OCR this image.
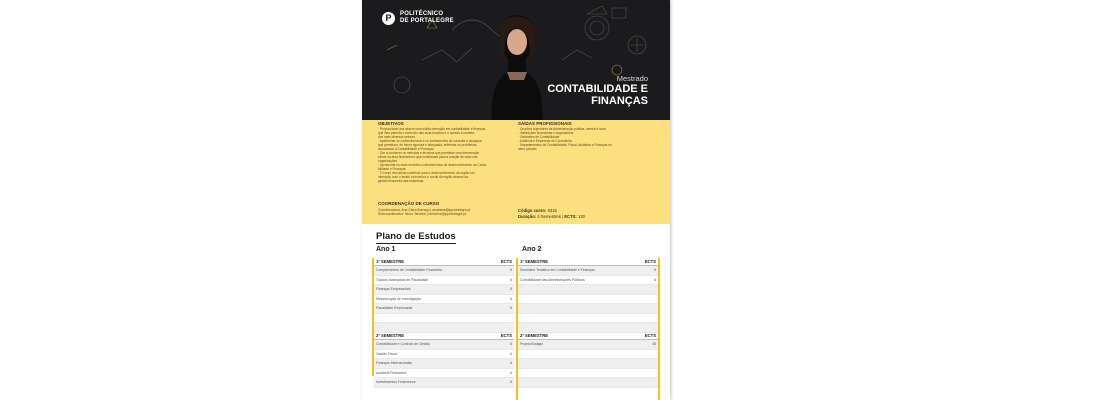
P	POLITÉCNICO
DE PORTALEGRE
Mestrado
CONTABILIDADE E FINANÇAS
OBJETIVOS
· Proporcionar aos alunos uma sólida formação em contabilidade e finanças
que lhes permita o exercício das suas funções e o acesso à carreira
dos mais diversos setores.
· Apetrechar os conhecimentos e os instrumentos de consulta e pesquisa
que permitam, de forma rigorosa e adequada, enfrentar os problemas
associados à Contabilidade e Finanças.
· Dar a conhecer os métodos e técnicas que permitam uma intervenção
eficaz na área financeira e que contribuam para a criação de valor nas
organizações.
· Aprofundar os mais recentes conhecimentos de desenvolvimento da Conta-
bilidade e Finanças.
· O curso visa ainda contribuir para o desenvolvimento da região em
interação com o tecido económico e social da região através da
gestão financeira das empresas.
SAÍDAS PROFISSIONAIS
· Quadros superiores da Administração pública, central e local
· Instituições financeiras e seguradoras
· Gabinetes de Contabilidade
· Auditoria e Empresas de Consultoria
· Departamentos de Contabilidade, Fiscal, Auditoria e Finanças no
setor privado
COORDENAÇÃO DE CURSO
Coordenadora: Ana Clara Borrego | anaclara@ipportalegre.pt
Subcoordenador: Nuno Teixeira | nteixeira@ipportalegre.pt
Código curso: 6315
Duração: 4 Semestres | ECTS: 120
Plano de Estudos
Ano 1	Ano 2
1º SEMESTRE	ECTS
Complementos de Contabilidade Financeira	6
Tópicos Avançados de Fiscalidade	6
Finanças Empresariais	6
Metodologias de Investigação	6
Fiscalidade Empresarial	6
2º SEMESTRE	ECTS
Contabilidade e Controlo de Gestão	6
Gestão Fiscal	6
Finanças Internacionais	6
Auditoria Financeira	6
Investimentos Financeiros	6
1º SEMESTRE	ECTS
Seminário Temático em Contabilidade e Finanças	6
Contabilidade das Administrações Públicas	6
2º SEMESTRE	ECTS
Projeto/Estágio	48
